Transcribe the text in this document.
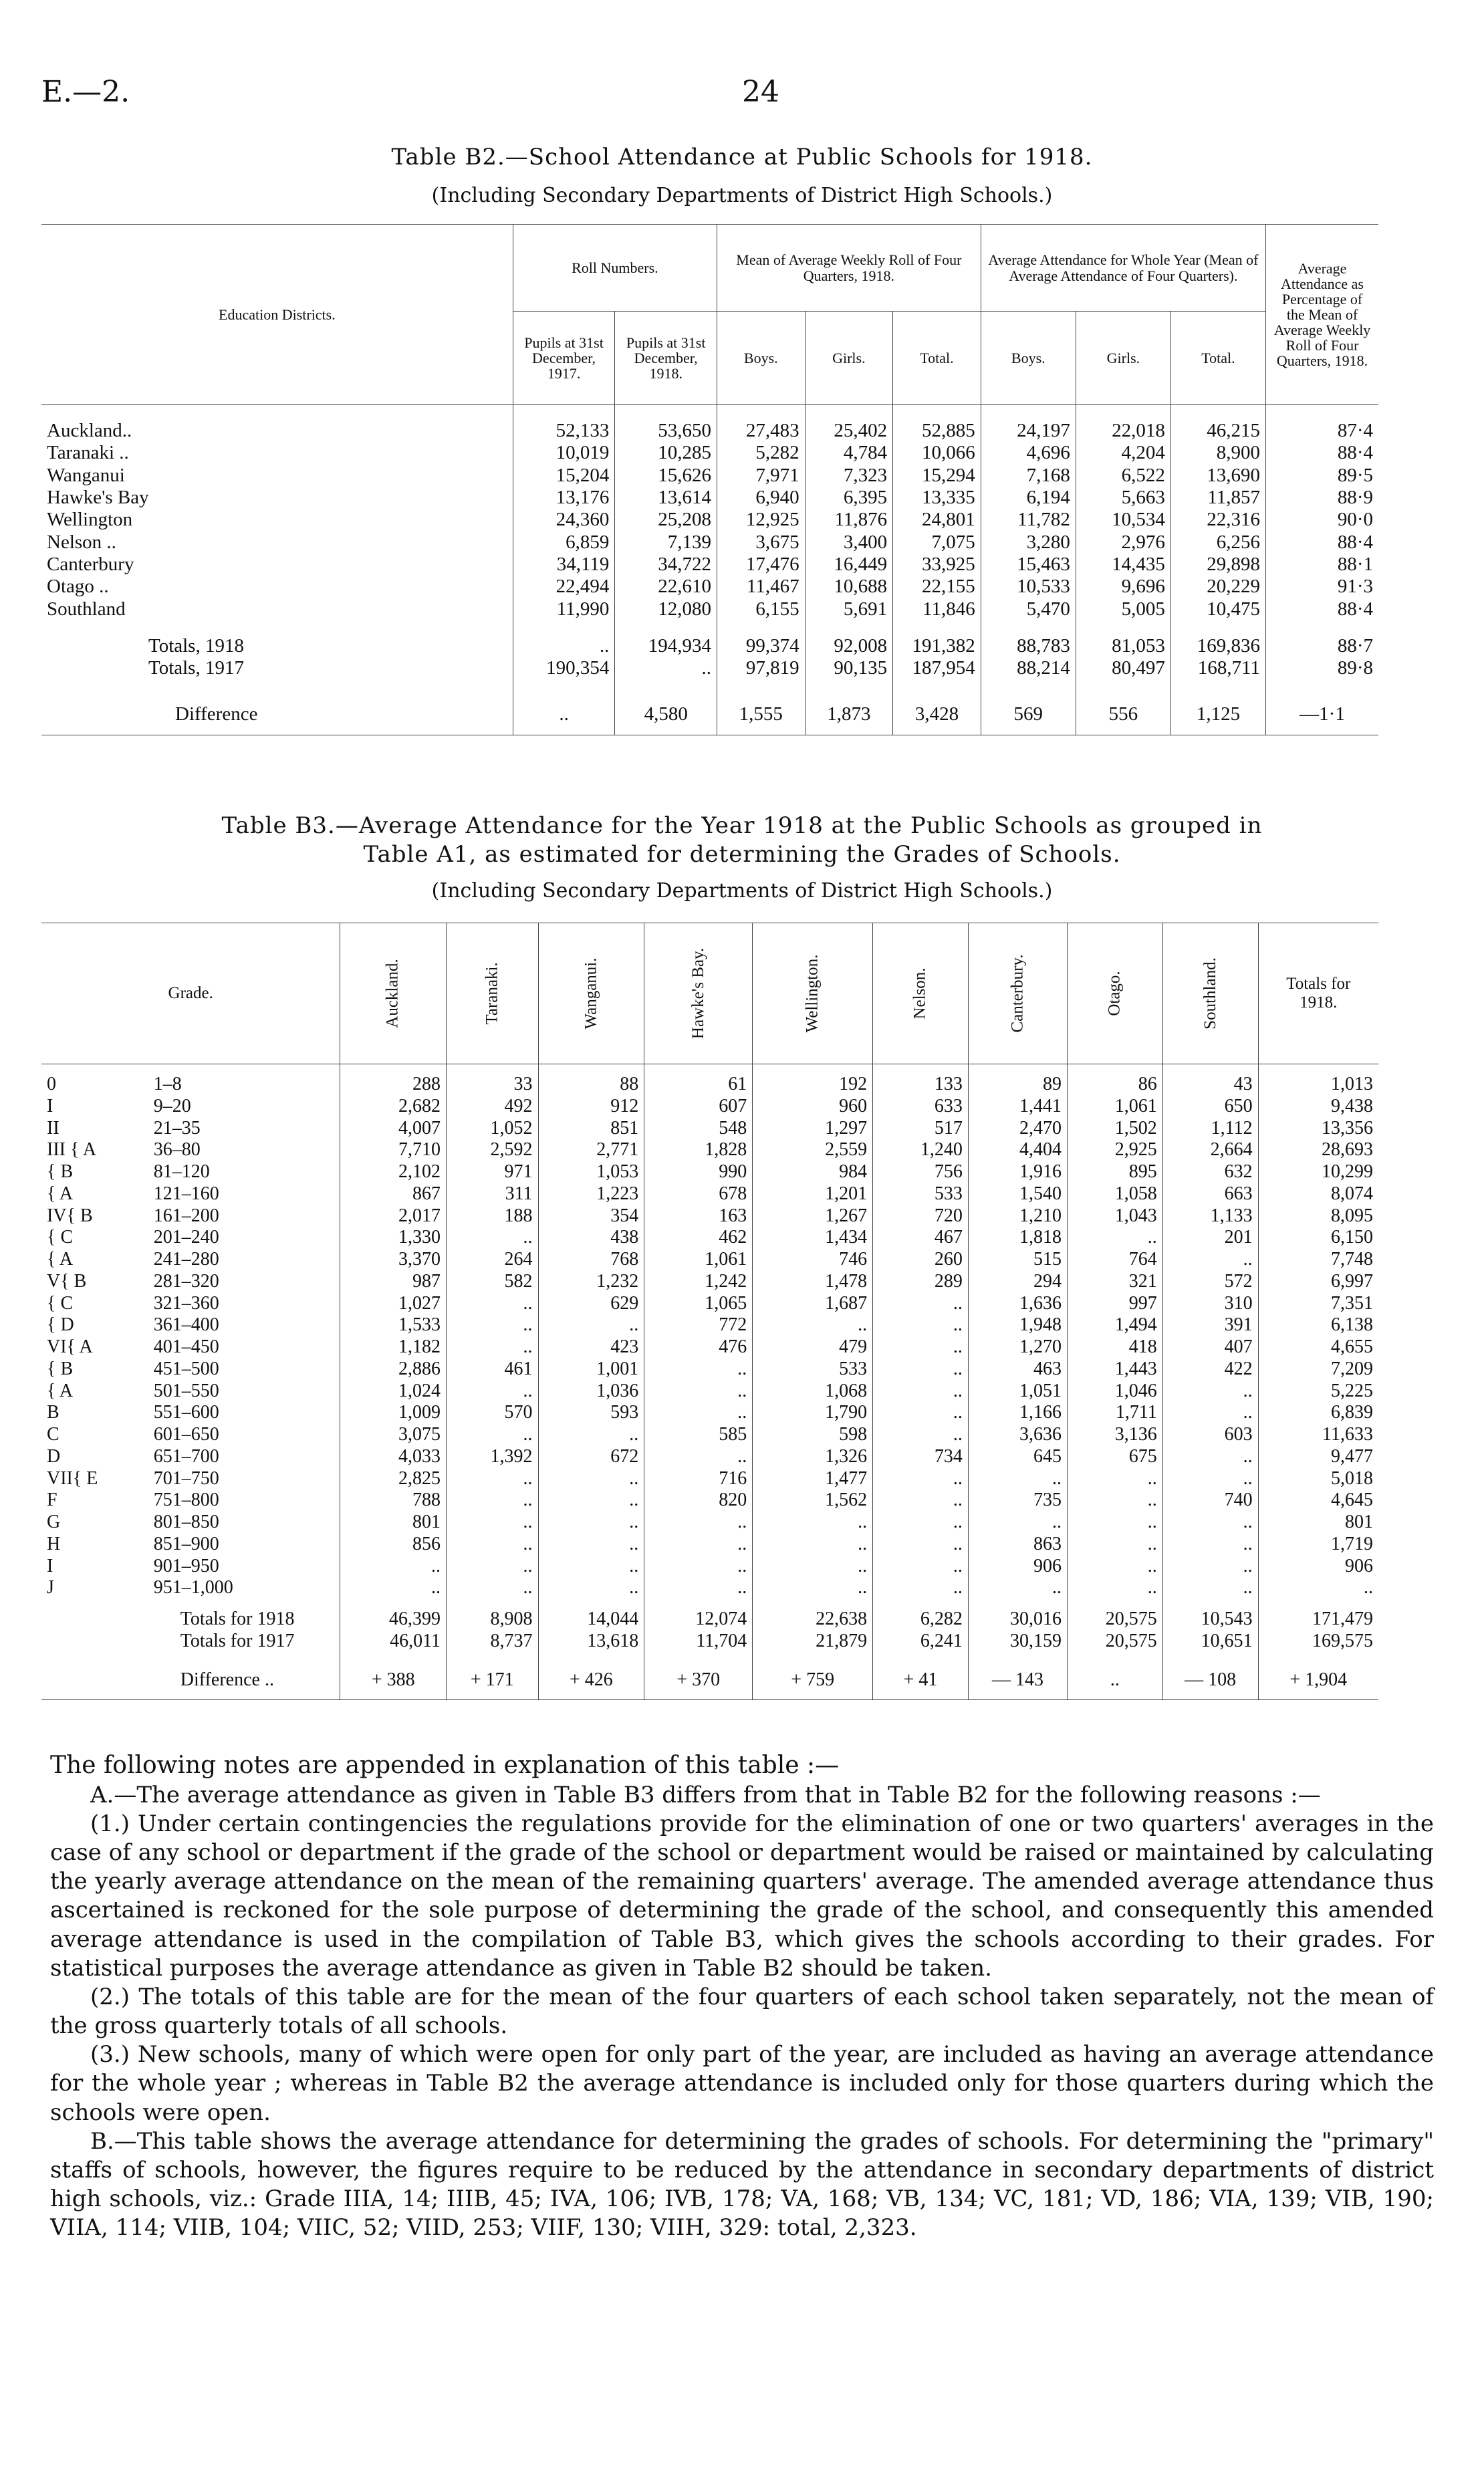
E.—2.	24
Table B2.—School Attendance at Public Schools for 1918.
(Including Secondary Departments of District High Schools.)
Education Districts.	Roll Numbers.		Mean of Average Weekly Roll of Four Quarters, 1918.			Average Attendance for Whole Year (Mean of Average Attendance of Four Quarters).			Average Attendance as Percentage of the Mean of Average Weekly Roll of Four Quarters, 1918.
	Pupils at 31st December, 1917.	Pupils at 31st December, 1918.	Boys.	Girls.	Total.	Boys.	Girls.	Total.	

Auckland..	52,133	53,650	27,483	25,402	52,885	24,197	22,018	46,215	87·4
Taranaki ..	10,019	10,285	5,282	4,784	10,066	4,696	4,204	8,900	88·4
Wanganui	15,204	15,626	7,971	7,323	15,294	7,168	6,522	13,690	89·5
Hawke's Bay	13,176	13,614	6,940	6,395	13,335	6,194	5,663	11,857	88·9
Wellington	24,360	25,208	12,925	11,876	24,801	11,782	10,534	22,316	90·0
Nelson ..	6,859	7,139	3,675	3,400	7,075	3,280	2,976	6,256	88·4
Canterbury	34,119	34,722	17,476	16,449	33,925	15,463	14,435	29,898	88·1
Otago ..	22,494	22,610	11,467	10,688	22,155	10,533	9,696	20,229	91·3
Southland	11,990	12,080	6,155	5,691	11,846	5,470	5,005	10,475	88·4

Totals, 1918	..	194,934	99,374	92,008	191,382	88,783	81,053	169,836	88·7
Totals, 1917	190,354	..	97,819	90,135	187,954	88,214	80,497	168,711	89·8

Difference	..	4,580	1,555	1,873	3,428	569	556	1,125	—1·1
Table B3.—Average Attendance for the Year 1918 at the Public Schools as grouped in
Table A1, as estimated for determining the Grades of Schools.
(Including Secondary Departments of District High Schools.)
Grade.		Auckland.	Taranaki.	Wanganui.	Hawke's Bay.	Wellington.	Nelson.	Canterbury.	Otago.	Southland.	Totals for 1918.

0	1–8	288	33	88	61	192	133	89	86	43	1,013
I	9–20	2,682	492	912	607	960	633	1,441	1,061	650	9,438
II	21–35	4,007	1,052	851	548	1,297	517	2,470	1,502	1,112	13,356
III { A	36–80	7,710	2,592	2,771	1,828	2,559	1,240	4,404	2,925	2,664	28,693
{ B	81–120	2,102	971	1,053	990	984	756	1,916	895	632	10,299
{ A	121–160	867	311	1,223	678	1,201	533	1,540	1,058	663	8,074
IV{ B	161–200	2,017	188	354	163	1,267	720	1,210	1,043	1,133	8,095
{ C	201–240	1,330	..	438	462	1,434	467	1,818	..	201	6,150
{ A	241–280	3,370	264	768	1,061	746	260	515	764	..	7,748
V{ B	281–320	987	582	1,232	1,242	1,478	289	294	321	572	6,997
{ C	321–360	1,027	..	629	1,065	1,687	..	1,636	997	310	7,351
{ D	361–400	1,533	..	..	772	..	..	1,948	1,494	391	6,138
VI{ A	401–450	1,182	..	423	476	479	..	1,270	418	407	4,655
{ B	451–500	2,886	461	1,001	..	533	..	463	1,443	422	7,209
{ A	501–550	1,024	..	1,036	..	1,068	..	1,051	1,046	..	5,225
B	551–600	1,009	570	593	..	1,790	..	1,166	1,711	..	6,839
C	601–650	3,075	..	..	585	598	..	3,636	3,136	603	11,633
D	651–700	4,033	1,392	672	..	1,326	734	645	675	..	9,477
VII{ E	701–750	2,825	..	..	716	1,477	..	..	..	..	5,018
F	751–800	788	..	..	820	1,562	..	735	..	740	4,645
G	801–850	801	..	..	..	..	..	..	..	..	801
H	851–900	856	..	..	..	..	..	863	..	..	1,719
I	901–950	..	..	..	..	..	..	906	..	..	906
J	951–1,000	..	..	..	..	..	..	..	..	..	..

	Totals for 1918	46,399	8,908	14,044	12,074	22,638	6,282	30,016	20,575	10,543	171,479
	Totals for 1917	46,011	8,737	13,618	11,704	21,879	6,241	30,159	20,575	10,651	169,575

	Difference ..	+ 388	+ 171	+ 426	+ 370	+ 759	+ 41	— 143	..	— 108	+ 1,904

The following notes are appended in explanation of this table :—

A.—The average attendance as given in Table B3 differs from that in Table B2 for the following reasons :—

(1.) Under certain contingencies the regulations provide for the elimination of one or two quarters' averages in the case of any school or department if the grade of the school or department would be raised or maintained by calculating the yearly average attendance on the mean of the remaining quarters' average. The amended average attendance thus ascertained is reckoned for the sole purpose of determining the grade of the school, and consequently this amended average attendance is used in the compilation of Table B3, which gives the schools according to their grades. For statistical purposes the average attendance as given in Table B2 should be taken.

(2.) The totals of this table are for the mean of the four quarters of each school taken separately, not the mean of the gross quarterly totals of all schools.

(3.) New schools, many of which were open for only part of the year, are included as having an average attendance for the whole year ; whereas in Table B2 the average attendance is included only for those quarters during which the schools were open.

B.—This table shows the average attendance for determining the grades of schools. For determining the "primary" staffs of schools, however, the figures require to be reduced by the attendance in secondary departments of district high schools, viz.: Grade IIIA, 14; IIIB, 45; IVA, 106; IVB, 178; VA, 168; VB, 134; VC, 181; VD, 186; VIA, 139; VIB, 190; VIIA, 114; VIIB, 104; VIIC, 52; VIID, 253; VIIF, 130; VIIH, 329: total, 2,323.
